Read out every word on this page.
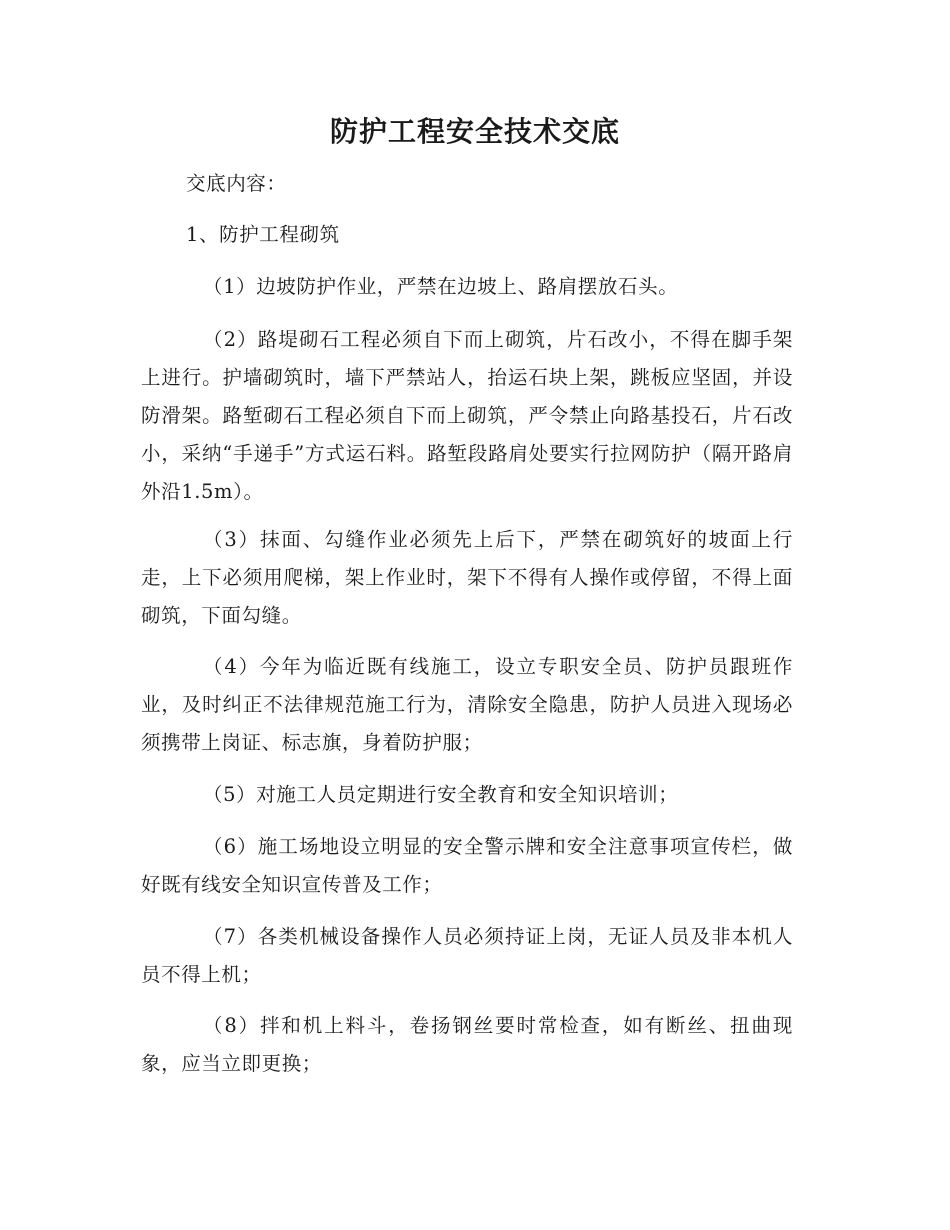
防护工程安全技术交底

交底内容：

1、防护工程砌筑

（1）边坡防护作业，严禁在边坡上、路肩摆放石头。

（2）路堤砌石工程必须自下而上砌筑，片石改小，不得在脚手架上进行。护墙砌筑时，墙下严禁站人，抬运石块上架，跳板应坚固，并设防滑架。路堑砌石工程必须自下而上砌筑，严令禁止向路基投石，片石改小，采纳“手递手”方式运石料。路堑段路肩处要实行拉网防护（隔开路肩外沿1.5m）。

（3）抹面、勾缝作业必须先上后下，严禁在砌筑好的坡面上行走，上下必须用爬梯，架上作业时，架下不得有人操作或停留，不得上面砌筑，下面勾缝。

（4）今年为临近既有线施工，设立专职安全员、防护员跟班作业，及时纠正不法律规范施工行为，清除安全隐患，防护人员进入现场必须携带上岗证、标志旗，身着防护服；

（5）对施工人员定期进行安全教育和安全知识培训；

（6）施工场地设立明显的安全警示牌和安全注意事项宣传栏，做好既有线安全知识宣传普及工作；

（7）各类机械设备操作人员必须持证上岗，无证人员及非本机人员不得上机；

（8）拌和机上料斗，卷扬钢丝要时常检查，如有断丝、扭曲现象，应当立即更换；
